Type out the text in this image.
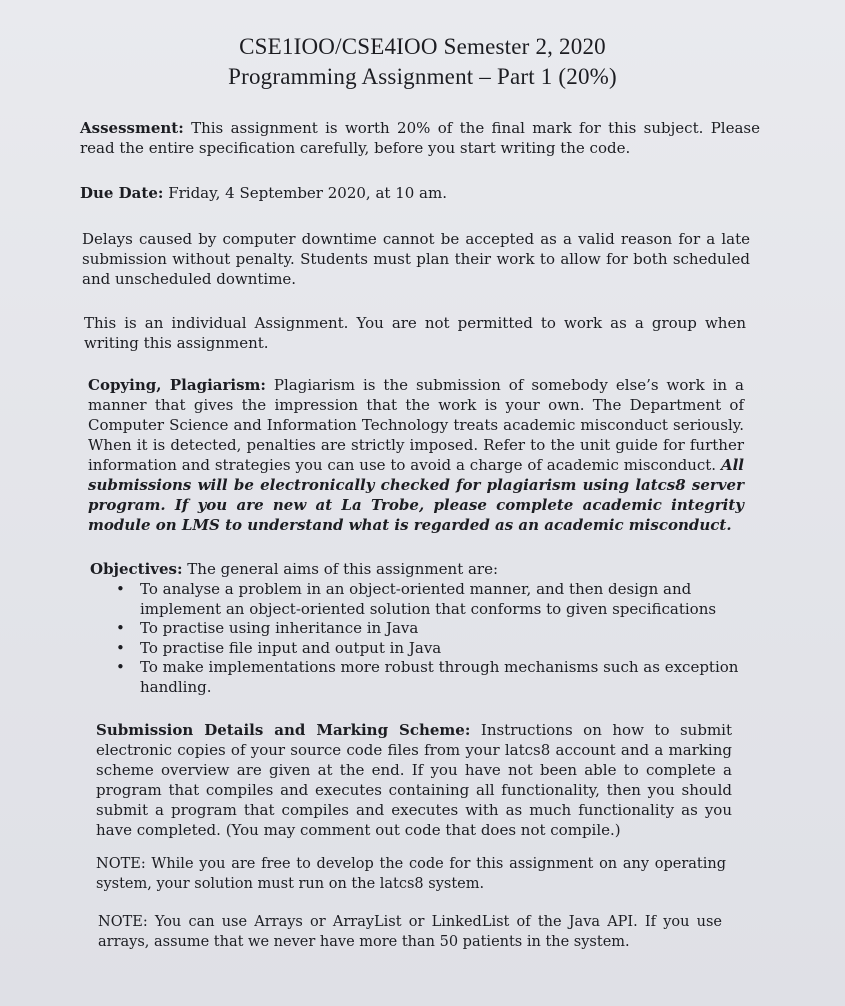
CSE1IOO/CSE4IOO Semester 2, 2020
Programming Assignment – Part 1 (20%)

Assessment: This assignment is worth 20% of the final mark for this subject. Please read the entire specification carefully, before you start writing the code.

Due Date: Friday, 4 September 2020, at 10 am.

Delays caused by computer downtime cannot be accepted as a valid reason for a late submission without penalty. Students must plan their work to allow for both scheduled and unscheduled downtime.

This is an individual Assignment. You are not permitted to work as a group when writing this assignment.

Copying, Plagiarism: Plagiarism is the submission of somebody else’s work in a manner that gives the impression that the work is your own. The Department of Computer Science and Information Technology treats academic misconduct seriously. When it is detected, penalties are strictly imposed. Refer to the unit guide for further information and strategies you can use to avoid a charge of academic misconduct. All submissions will be electronically checked for plagiarism using latcs8 server program. If you are new at La Trobe, please complete academic integrity module on LMS to understand what is regarded as an academic misconduct.

Objectives: The general aims of this assignment are:

• To analyse a problem in an object-oriented manner, and then design and implement an object-oriented solution that conforms to given specifications
• To practise using inheritance in Java
• To practise file input and output in Java
• To make implementations more robust through mechanisms such as exception handling.

Submission Details and Marking Scheme: Instructions on how to submit electronic copies of your source code files from your latcs8 account and a marking scheme overview are given at the end. If you have not been able to complete a program that compiles and executes containing all functionality, then you should submit a program that compiles and executes with as much functionality as you have completed. (You may comment out code that does not compile.)

NOTE: While you are free to develop the code for this assignment on any operating system, your solution must run on the latcs8 system.

NOTE: You can use Arrays or ArrayList or LinkedList of the Java API. If you use arrays, assume that we never have more than 50 patients in the system.
